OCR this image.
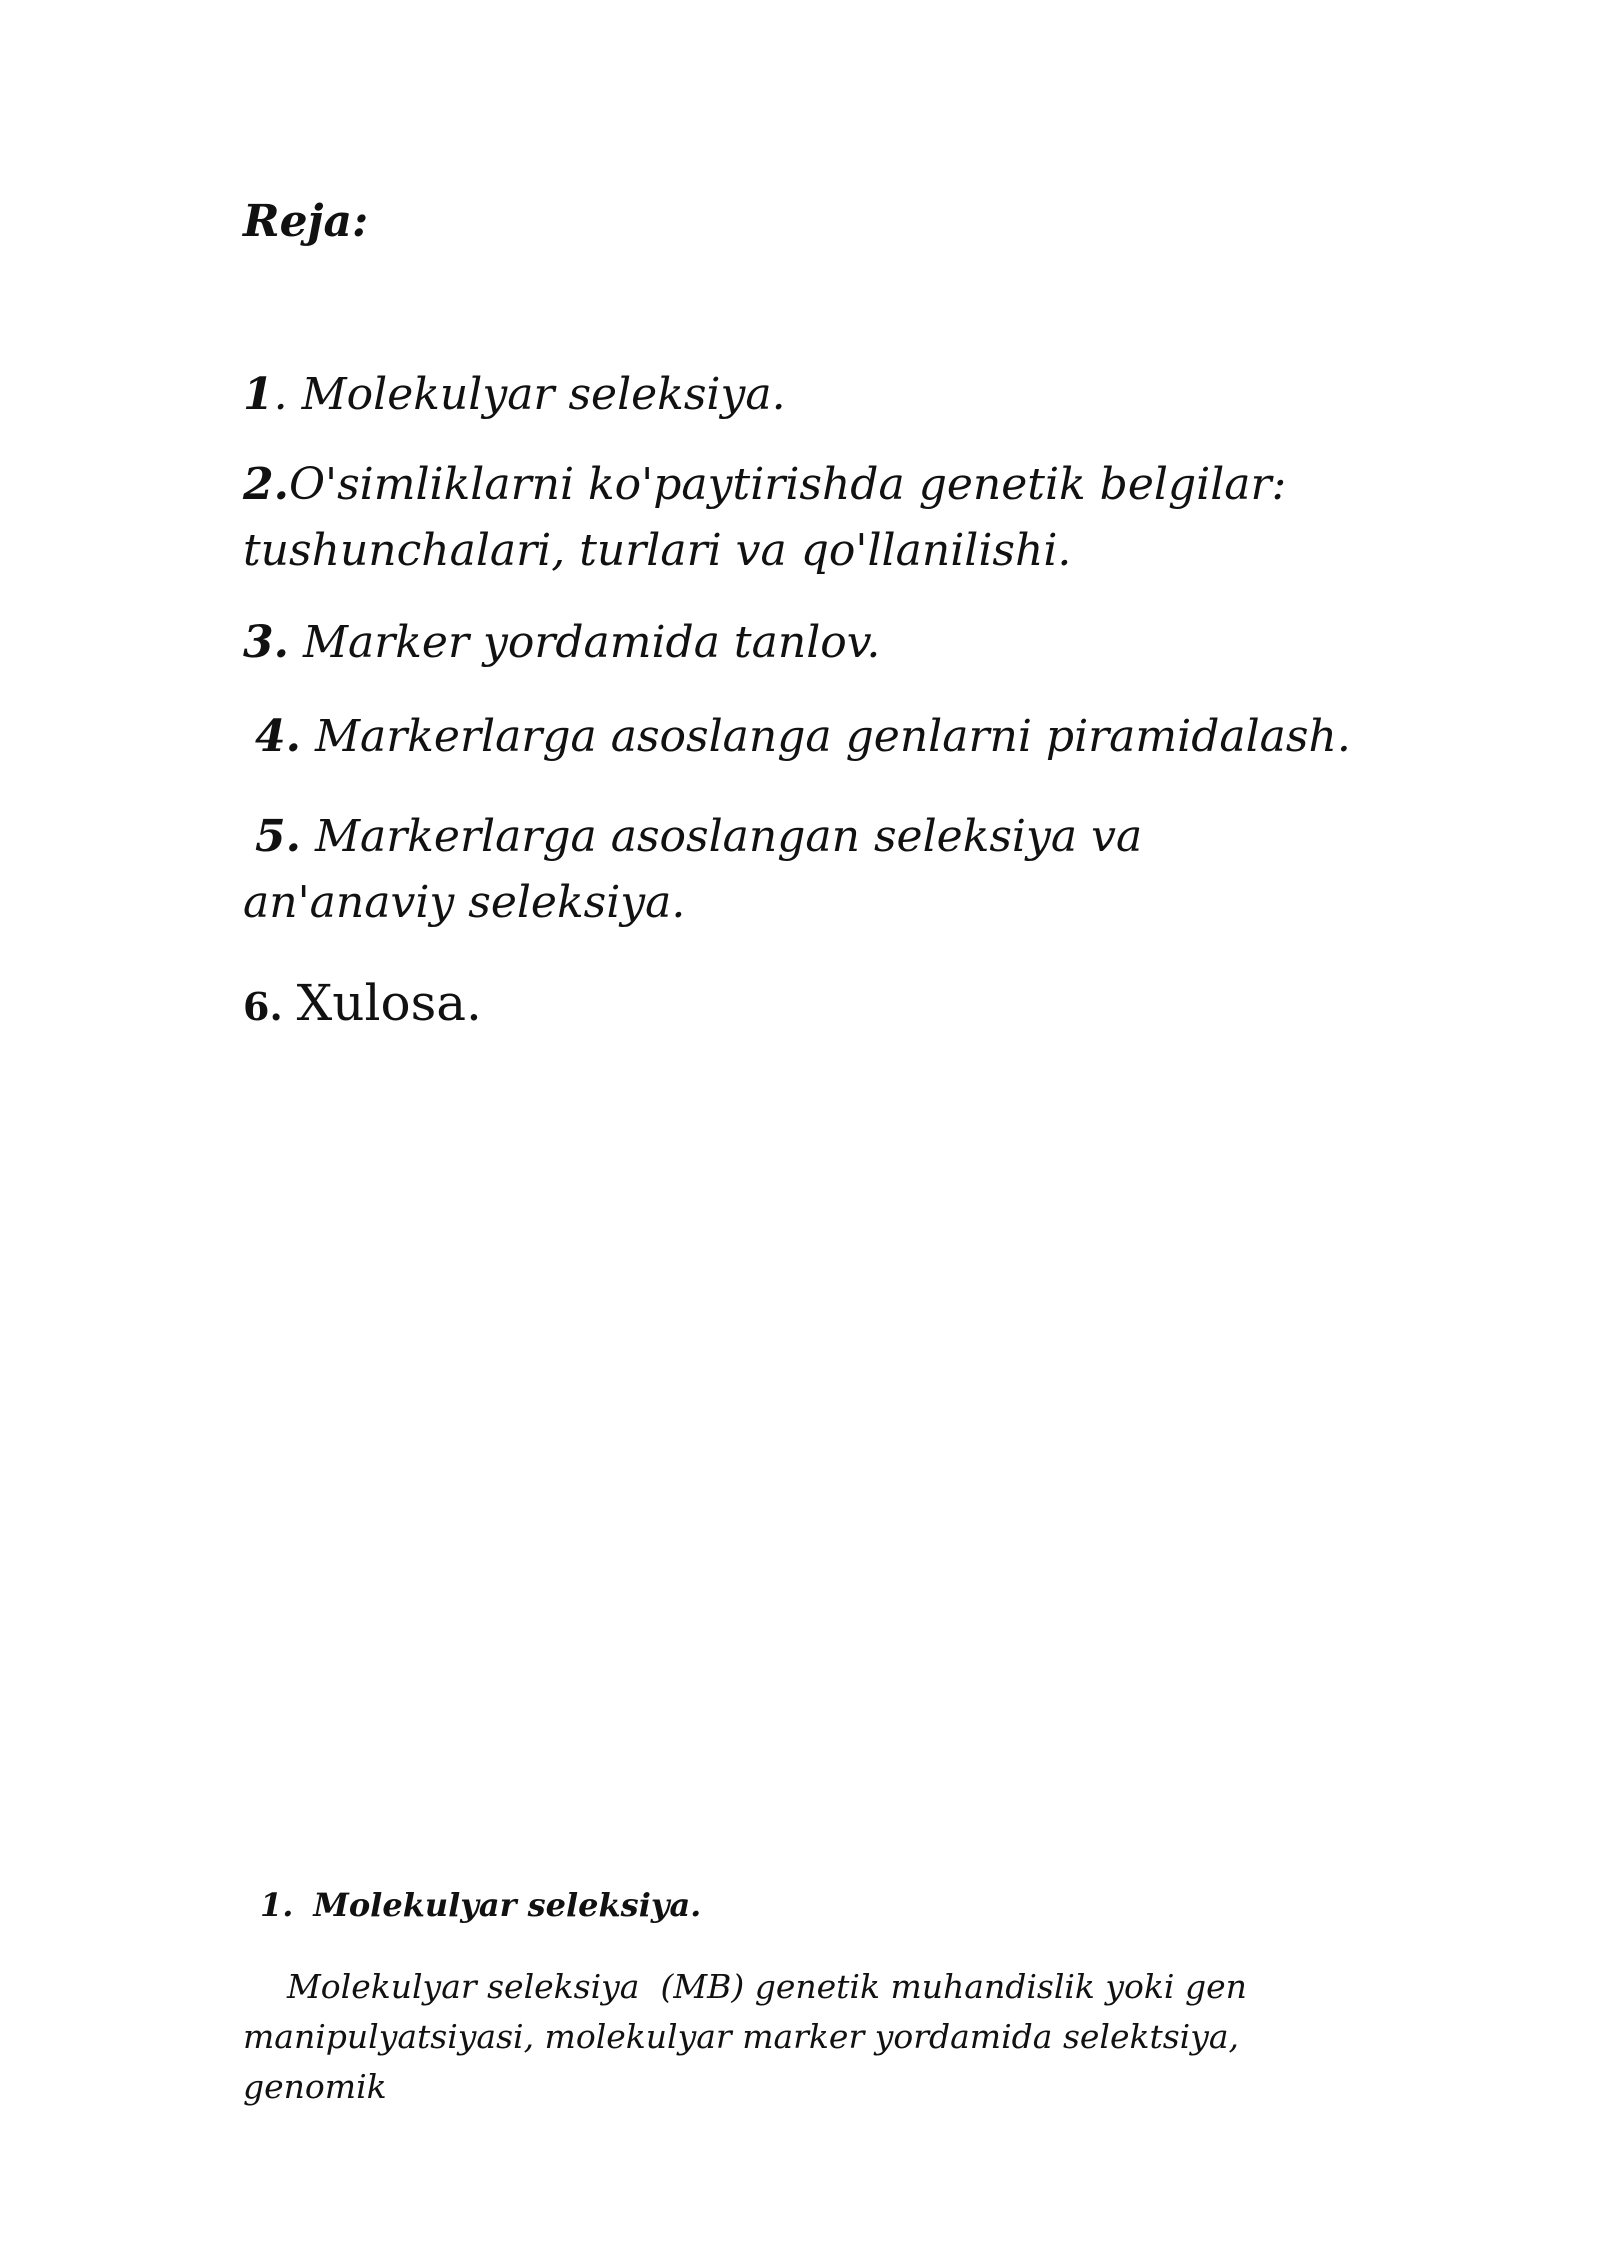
Reja:
1. Molekulyar seleksiya.
2.O'simliklarni ko'paytirishda genetik belgilar: tushunchalari, turlari va qo'llanilishi.
3. Marker yordamida tanlov.
4. Markerlarga asoslanga genlarni piramidalash.
5. Markerlarga asoslangan seleksiya va an'anaviy seleksiya.
6. Xulosa.
1. Molekulyar seleksiya.
Molekulyar seleksiya  (MB) genetik muhandislik yoki gen manipulyatsiyasi, molekulyar marker yordamida selektsiya, genomik
